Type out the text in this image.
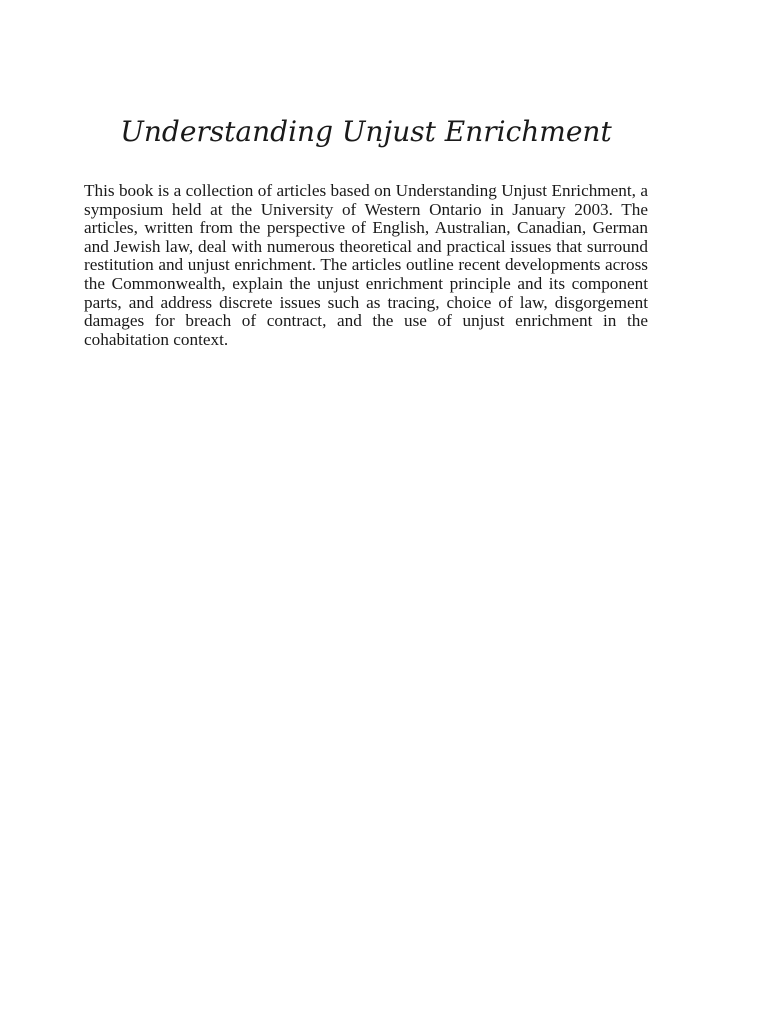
Understanding Unjust Enrichment

This book is a collection of articles based on Understanding Unjust Enrichment, a symposium held at the University of Western Ontario in January 2003. The articles, written from the perspective of English, Australian, Canadian, German and Jewish law, deal with numerous theoretical and practical issues that surround restitution and unjust enrichment. The articles outline recent developments across the Commonwealth, explain the unjust enrichment principle and its component parts, and address discrete issues such as tracing, choice of law, disgorgement damages for breach of contract, and the use of unjust enrichment in the cohabitation context.
